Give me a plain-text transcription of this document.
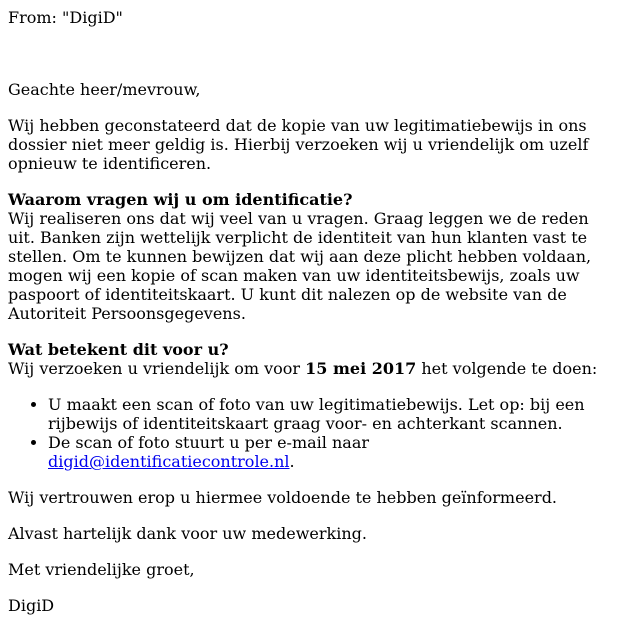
From: "DigiD"

Geachte heer/mevrouw,

Wij hebben geconstateerd dat de kopie van uw legitimatiebewijs in ons dossier niet meer geldig is. Hierbij verzoeken wij u vriendelijk om uzelf opnieuw te identificeren.

Waarom vragen wij u om identificatie?
Wij realiseren ons dat wij veel van u vragen. Graag leggen we de reden uit. Banken zijn wettelijk verplicht de identiteit van hun klanten vast te stellen. Om te kunnen bewijzen dat wij aan deze plicht hebben voldaan, mogen wij een kopie of scan maken van uw identiteitsbewijs, zoals uw paspoort of identiteitskaart. U kunt dit nalezen op de website van de Autoriteit Persoonsgegevens.

Wat betekent dit voor u?
Wij verzoeken u vriendelijk om voor 15 mei 2017 het volgende te doen:
• U maakt een scan of foto van uw legitimatiebewijs. Let op: bij een rijbewijs of identiteitskaart graag voor- en achterkant scannen.
• De scan of foto stuurt u per e-mail naar digid@identificatiecontrole.nl.

Wij vertrouwen erop u hiermee voldoende te hebben geïnformeerd.

Alvast hartelijk dank voor uw medewerking.

Met vriendelijke groet,

DigiD
